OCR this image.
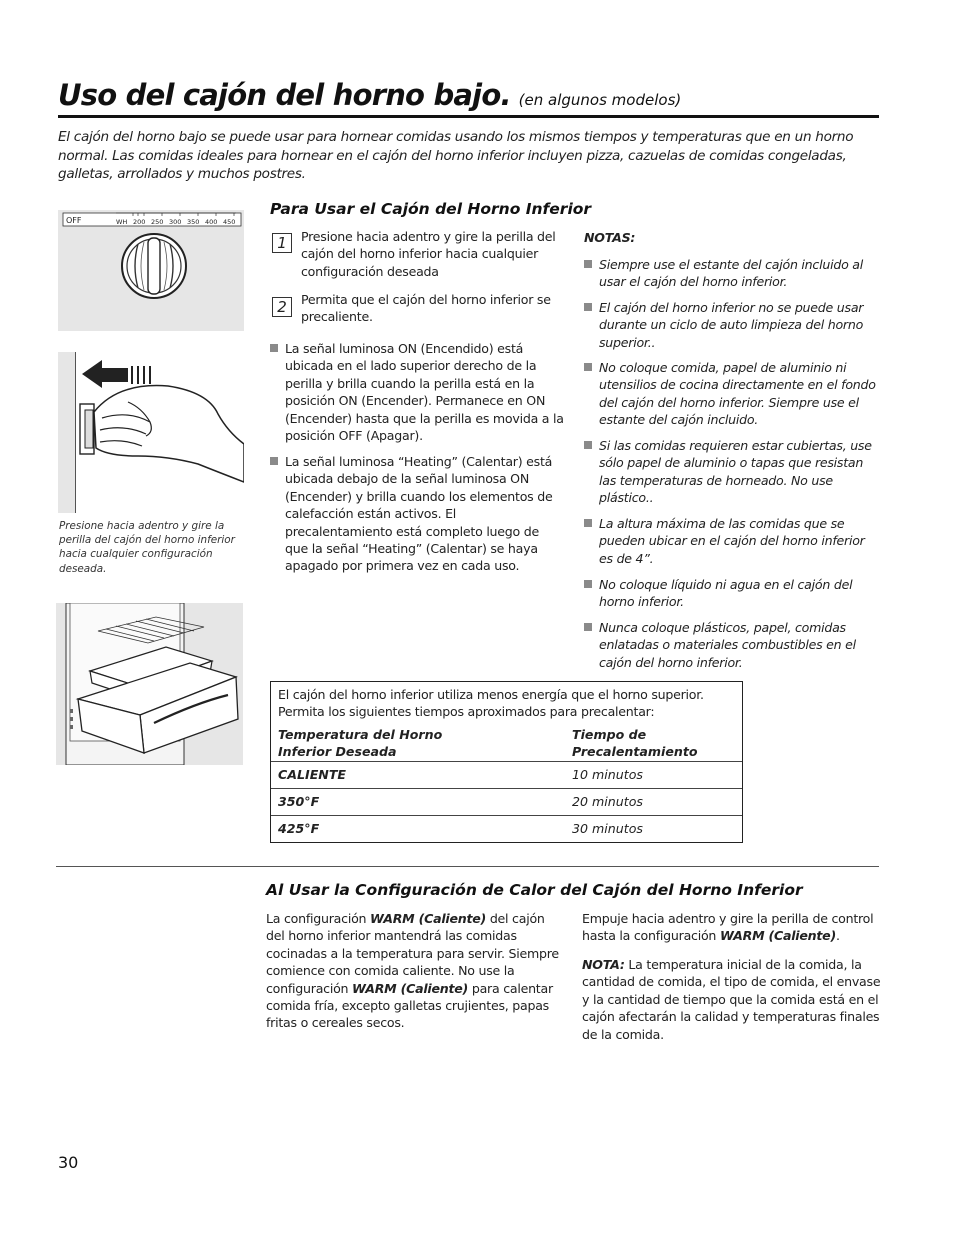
Uso del cajón del horno bajo. (en algunos modelos)
El cajón del horno bajo se puede usar para hornear comidas usando los mismos tiempos y temperaturas que en un horno normal. Las comidas ideales para hornear en el cajón del horno inferior incluyen pizza, cazuelas de comidas congeladas, galletas, arrollados y muchos postres.
OFF	WH 200 250 300 350 400 450
Presione hacia adentro y gire la perilla del cajón del horno inferior hacia cualquier configuración deseada.
Para Usar el Cajón del Horno Inferior
1	Presione hacia adentro y gire la perilla del cajón del horno inferior hacia cualquier configuración deseada
2	Permita que el cajón del horno inferior se precaliente.
La señal luminosa ON (Encendido) está ubicada en el lado superior derecho de la perilla y brilla cuando la perilla está en la posición ON (Encender). Permanece en ON (Encender) hasta que la perilla es movida a la posición OFF (Apagar).
La señal luminosa “Heating” (Calentar) está ubicada debajo de la señal luminosa ON (Encender) y brilla cuando los elementos de calefacción están activos. El precalentamiento está completo luego de que la señal “Heating” (Calentar) se haya apagado por primera vez en cada uso.
NOTAS:
Siempre use el estante del cajón incluido al usar el cajón del horno inferior.
El cajón del horno inferior no se puede usar durante un ciclo de auto limpieza del horno superior..
No coloque comida, papel de aluminio ni utensilios de cocina directamente en el fondo del cajón del horno inferior. Siempre use el estante del cajón incluido.
Si las comidas requieren estar cubiertas, use sólo papel de aluminio o tapas que resistan las temperaturas de horneado. No use plástico..
La altura máxima de las comidas que se pueden ubicar en el cajón del horno inferior es de 4”.
No coloque líquido ni agua en el cajón del horno inferior.
Nunca coloque plásticos, papel, comidas enlatadas o materiales combustibles en el cajón del horno inferior.
El cajón del horno inferior utiliza menos energía que el horno superior. Permita los siguientes tiempos aproximados para precalentar:
Temperatura del Horno Inferior Deseada
Tiempo de Precalentamiento
CALIENTE	10 minutos
350°F	20 minutos
425°F	30 minutos
Al Usar la Configuración de Calor del Cajón del Horno Inferior
La configuración WARM (Caliente) del cajón del horno inferior mantendrá las comidas cocinadas a la temperatura para servir. Siempre comience con comida caliente. No use la configuración WARM (Caliente) para calentar comida fría, excepto galletas crujientes, papas fritas o cereales secos.
Empuje hacia adentro y gire la perilla de control hasta la configuración WARM (Caliente).
NOTA: La temperatura inicial de la comida, la cantidad de comida, el tipo de comida, el envase y la cantidad de tiempo que la comida está en el cajón afectarán la calidad y temperaturas finales de la comida.
30
